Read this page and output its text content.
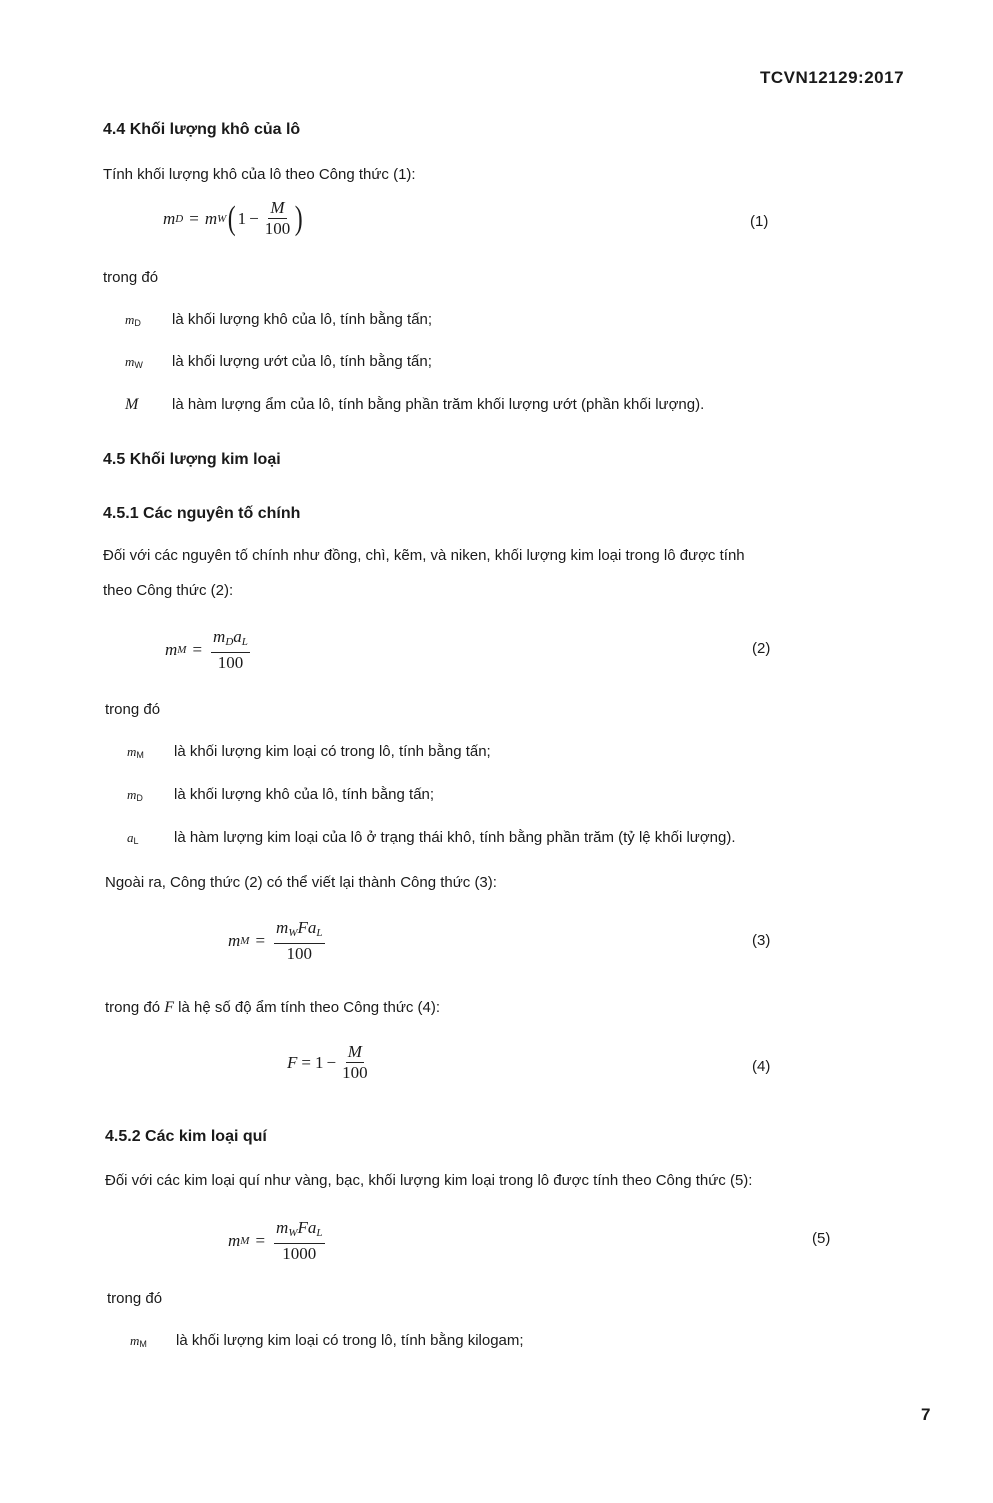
TCVN12129:2017
4.4 Khối lượng khô của lô
Tính khối lượng khô của lô theo Công thức (1):
m D = m W ( $1 - \frac{M}{100}$ )	(1)
trong đó
$m_D$ là khối lượng khô của lô, tính bằng tấn;
$m_W$ là khối lượng ướt của lô, tính bằng tấn;
M là hàm lượng ẩm của lô, tính bằng phần trăm khối lượng ướt (phần khối lượng).
4.5 Khối lượng kim loại
4.5.1 Các nguyên tố chính
Đối với các nguyên tố chính như đồng, chì, kẽm, và niken, khối lượng kim loại trong lô được tính
theo Công thức (2):
m $M = \frac{m_Da_L}{100}$	(2)
trong đó
$m_M$ là khối lượng kim loại có trong lô, tính bằng tấn;
$m_D$ là khối lượng khô của lô, tính bằng tấn;
$a_L$ là hàm lượng kim loại của lô ở trạng thái khô, tính bằng phần trăm (tỷ lệ khối lượng).
Ngoài ra, Công thức (2) có thể viết lại thành Công thức (3):
m $M = \frac{m_WFa_L}{100}$	(3)
trong đó F là hệ số độ ẩm tính theo Công thức (4):
$F = 1 - \frac{M}{100}$	(4)
4.5.2 Các kim loại quí
Đối với các kim loại quí như vàng, bạc, khối lượng kim loại trong lô được tính theo Công thức (5):
m $M = \frac{m_WFa_L}{1000}$	(5)
trong đó
$m_M$ là khối lượng kim loại có trong lô, tính bằng kilogam;
7
